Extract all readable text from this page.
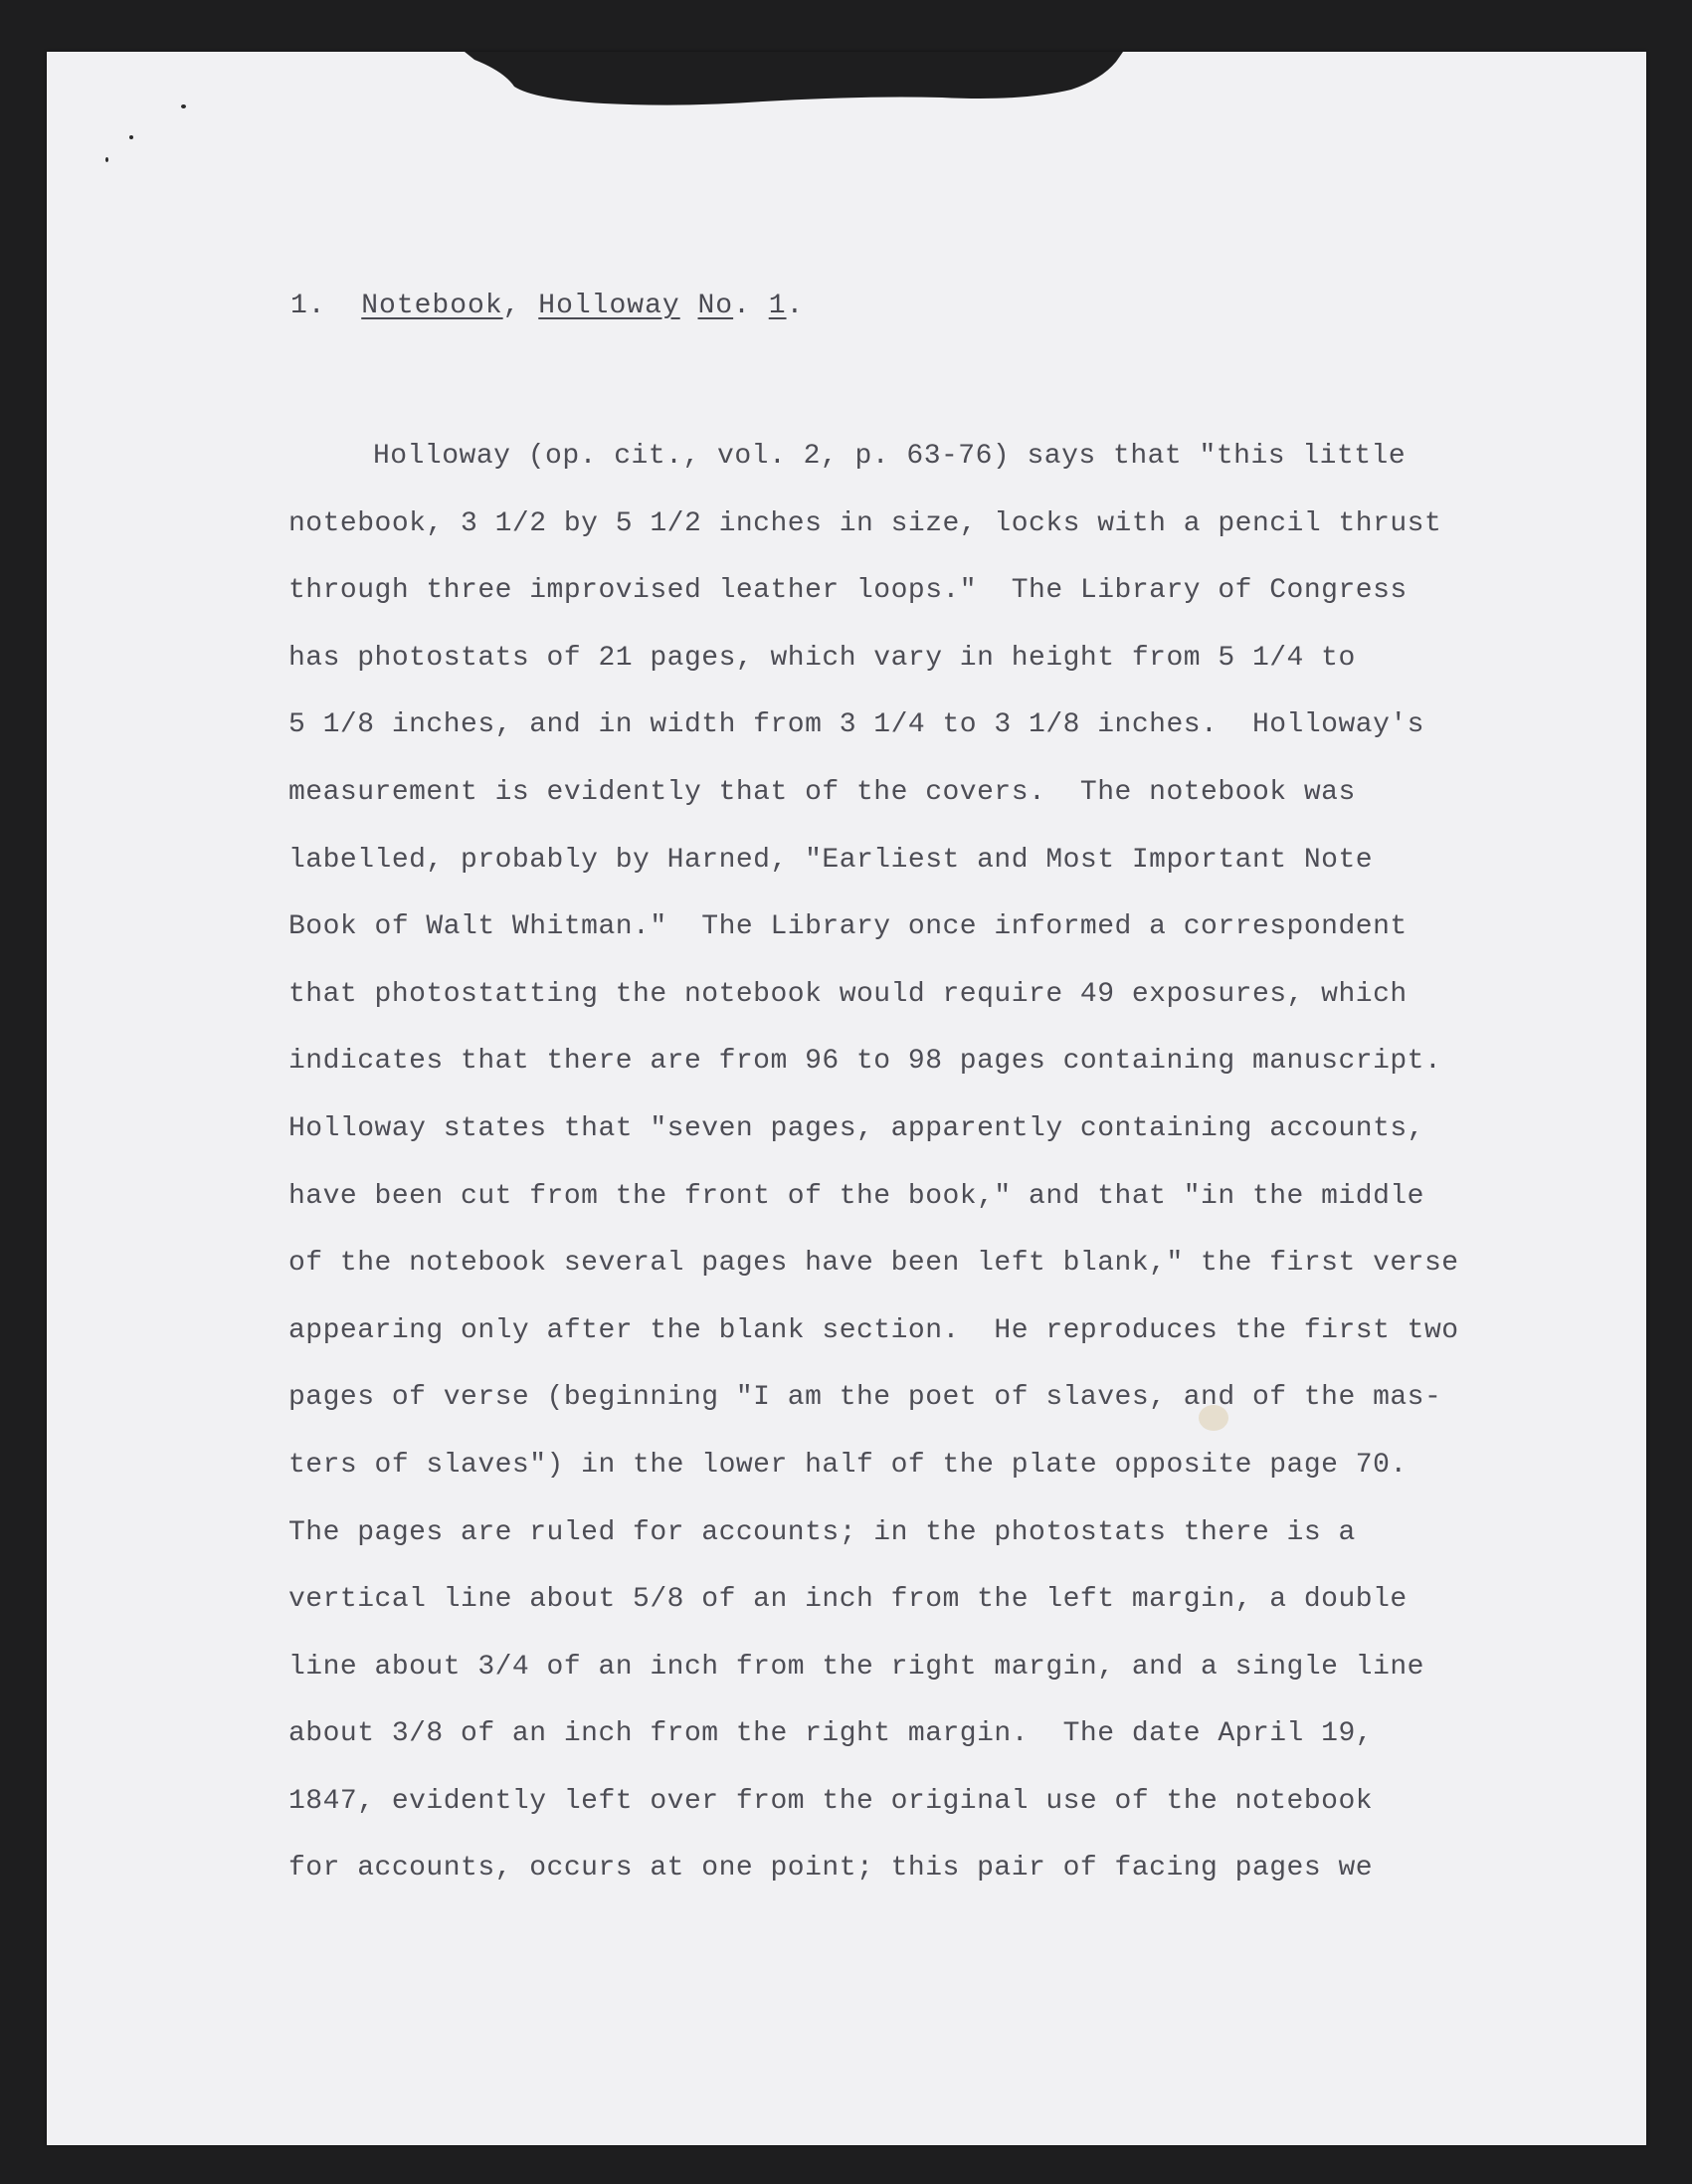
1. Notebook, Holloway No. 1.
Holloway (op. cit., vol. 2, p. 63-76) says that "this little
notebook, 3 1/2 by 5 1/2 inches in size, locks with a pencil thrust
through three improvised leather loops."  The Library of Congress
has photostats of 21 pages, which vary in height from 5 1/4 to
5 1/8 inches, and in width from 3 1/4 to 3 1/8 inches.  Holloway's
measurement is evidently that of the covers.  The notebook was
labelled, probably by Harned, "Earliest and Most Important Note
Book of Walt Whitman."  The Library once informed a correspondent
that photostatting the notebook would require 49 exposures, which
indicates that there are from 96 to 98 pages containing manuscript.
Holloway states that "seven pages, apparently containing accounts,
have been cut from the front of the book," and that "in the middle
of the notebook several pages have been left blank," the first verse
appearing only after the blank section.  He reproduces the first two
pages of verse (beginning "I am the poet of slaves, and of the mas-
ters of slaves") in the lower half of the plate opposite page 70.
The pages are ruled for accounts; in the photostats there is a
vertical line about 5/8 of an inch from the left margin, a double
line about 3/4 of an inch from the right margin, and a single line
about 3/8 of an inch from the right margin.  The date April 19,
1847, evidently left over from the original use of the notebook
for accounts, occurs at one point; this pair of facing pages we
